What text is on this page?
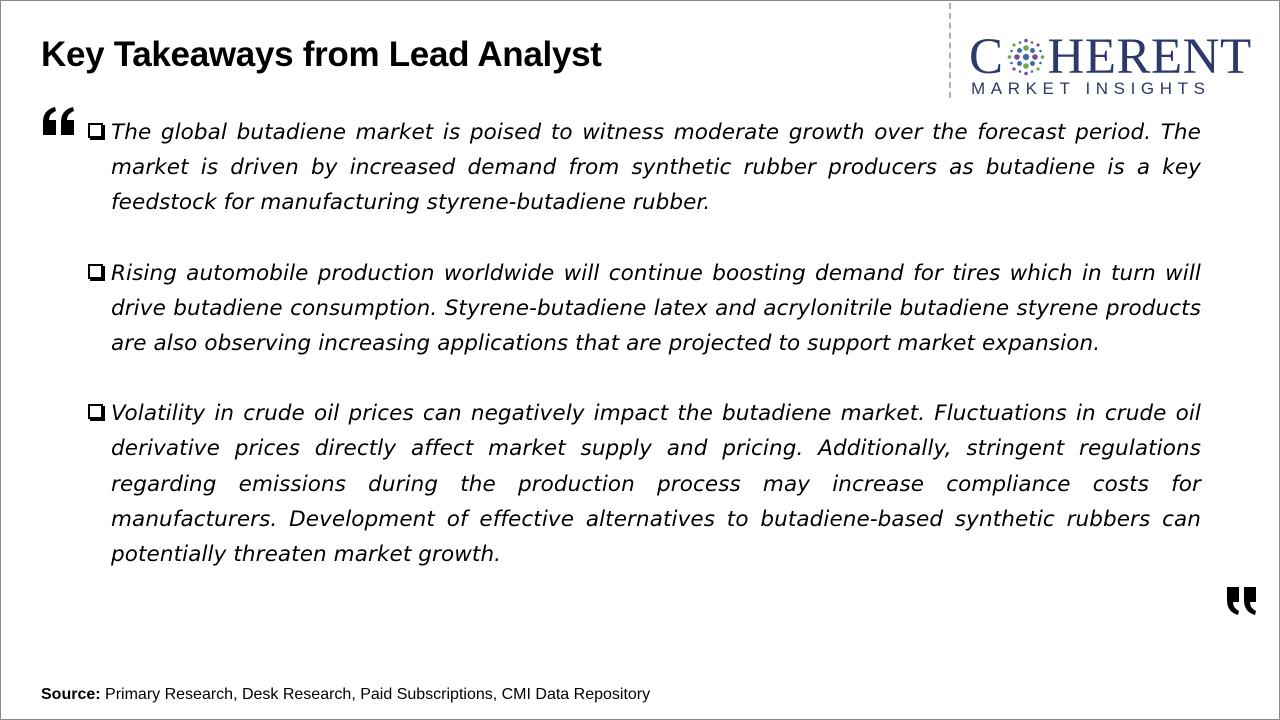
Key Takeaways from Lead Analyst	C HERENT
MARKET INSIGHTS
The global butadiene market is poised to witness moderate growth over the forecast period. The market is driven by increased demand from synthetic rubber producers as butadiene is a key feedstock for manufacturing styrene-butadiene rubber.
Rising automobile production worldwide will continue boosting demand for tires which in turn will drive butadiene consumption. Styrene-butadiene latex and acrylonitrile butadiene styrene products are also observing increasing applications that are projected to support market expansion.
Volatility in crude oil prices can negatively impact the butadiene market. Fluctuations in crude oil derivative prices directly affect market supply and pricing. Additionally, stringent regulations regarding emissions during the production process may increase compliance costs for manufacturers. Development of effective alternatives to butadiene-based synthetic rubbers can potentially threaten market growth.
Source: Primary Research, Desk Research, Paid Subscriptions, CMI Data Repository
